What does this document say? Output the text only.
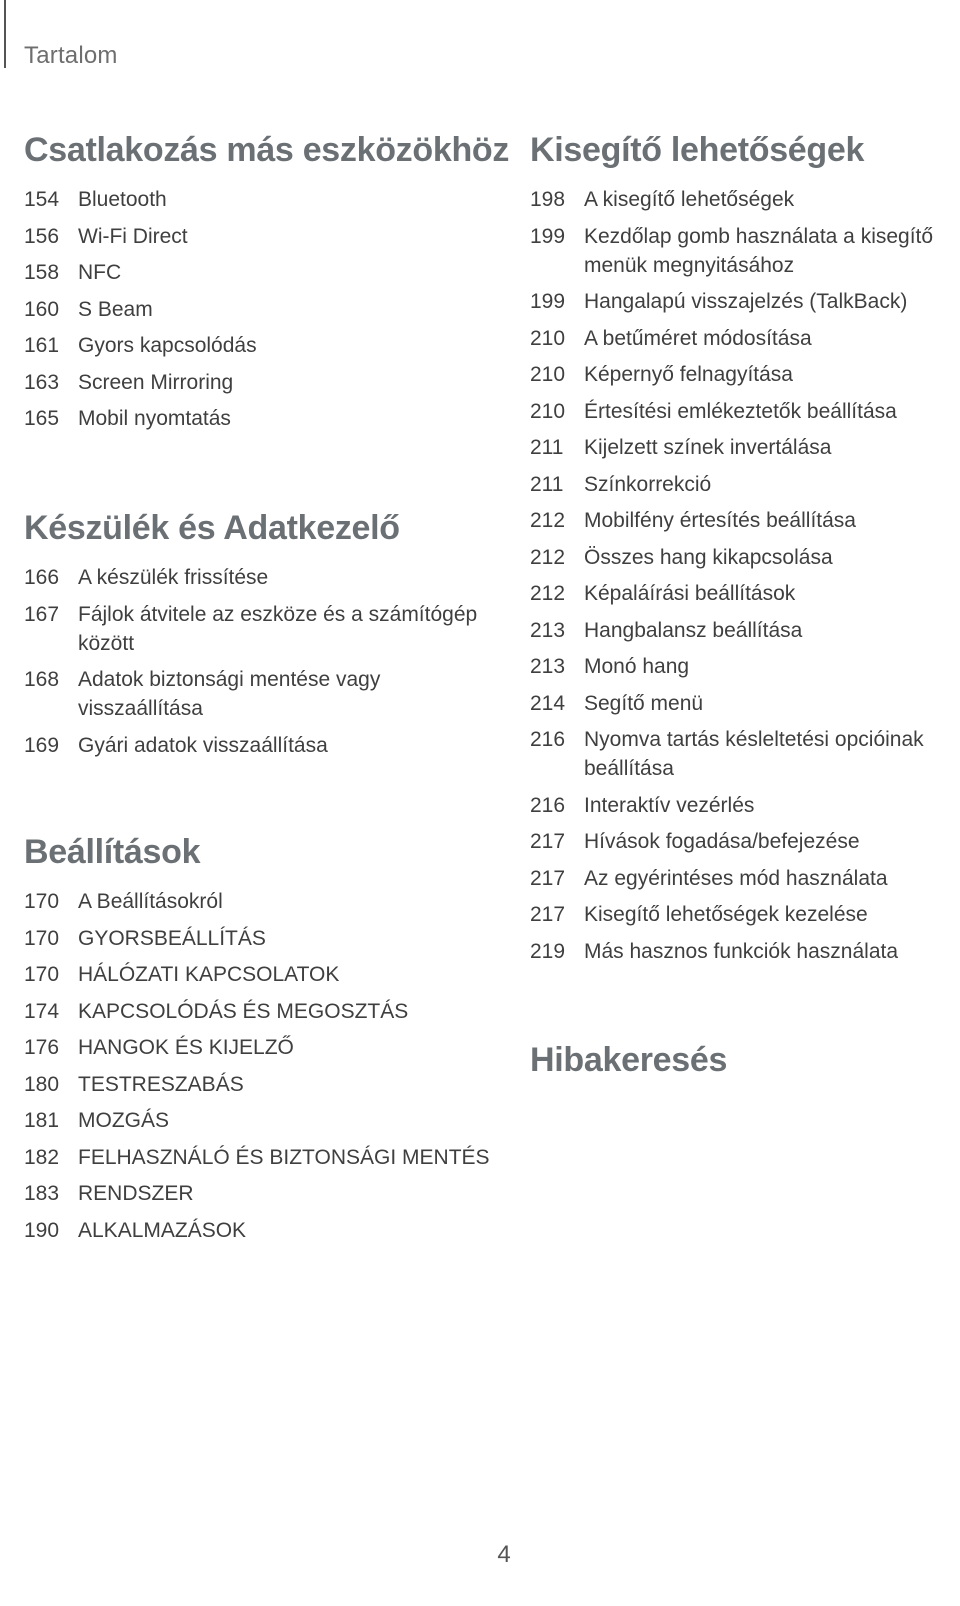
Tartalom
Csatlakozás más eszközökhöz
154 Bluetooth
156 Wi-Fi Direct
158 NFC
160 S Beam
161 Gyors kapcsolódás
163 Screen Mirroring
165 Mobil nyomtatás
Készülék és Adatkezelő
166 A készülék frissítése
167 Fájlok átvitele az eszköze és a számítógép között
168 Adatok biztonsági mentése vagy visszaállítása
169 Gyári adatok visszaállítása
Beállítások
170 A Beállításokról
170 GYORSBEÁLLÍTÁS
170 HÁLÓZATI KAPCSOLATOK
174 KAPCSOLÓDÁS ÉS MEGOSZTÁS
176 HANGOK ÉS KIJELZŐ
180 TESTRESZABÁS
181 MOZGÁS
182 FELHASZNÁLÓ ÉS BIZTONSÁGI MENTÉS
183 RENDSZER
190 ALKALMAZÁSOK
Kisegítő lehetőségek
198 A kisegítő lehetőségek
199 Kezdőlap gomb használata a kisegítő menük megnyitásához
199 Hangalapú visszajelzés (TalkBack)
210 A betűméret módosítása
210 Képernyő felnagyítása
210 Értesítési emlékeztetők beállítása
211 Kijelzett színek invertálása
211 Színkorrekció
212 Mobilfény értesítés beállítása
212 Összes hang kikapcsolása
212 Képaláírási beállítások
213 Hangbalansz beállítása
213 Monó hang
214 Segítő menü
216 Nyomva tartás késleltetési opcióinak beállítása
216 Interaktív vezérlés
217 Hívások fogadása/befejezése
217 Az egyérintéses mód használata
217 Kisegítő lehetőségek kezelése
219 Más hasznos funkciók használata
Hibakeresés
4
